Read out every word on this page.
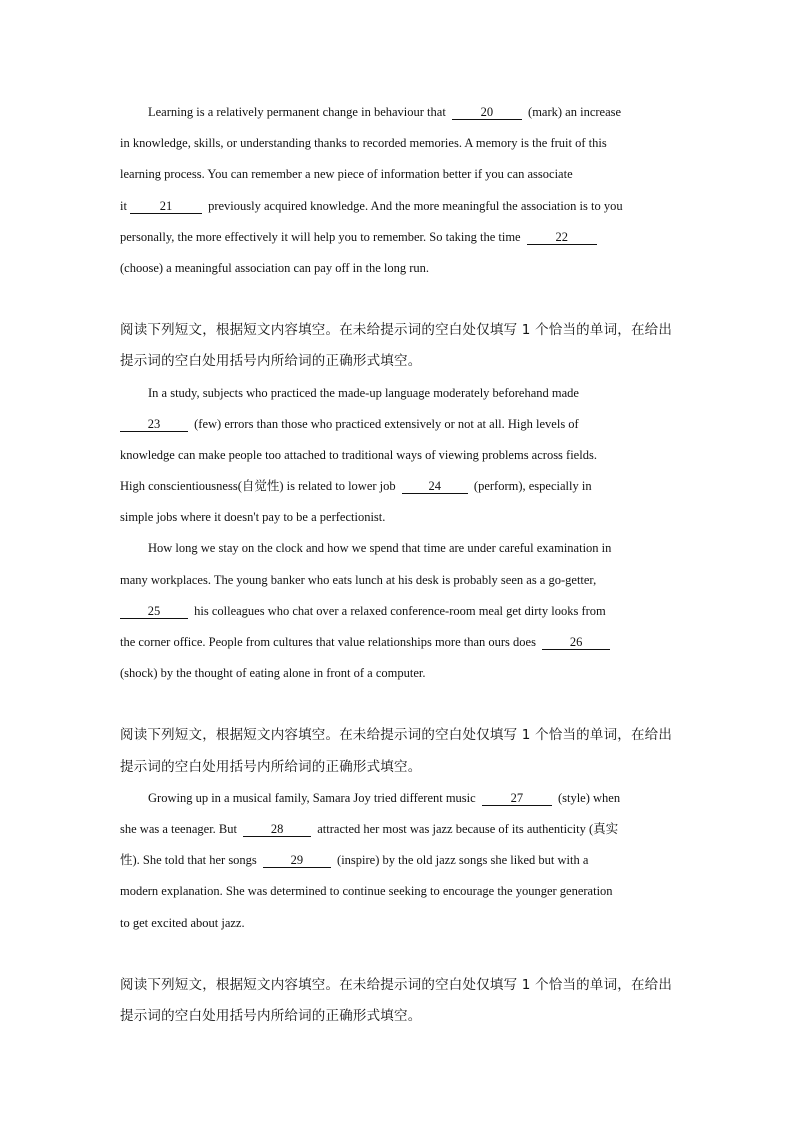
Learning is a relatively permanent change in behaviour that	20	(mark) an increase
in knowledge, skills, or understanding thanks to recorded memories. A memory is the fruit of this
learning process. You can remember a new piece of information better if you can associate
it	21	previously acquired knowledge. And the more meaningful the association is to you
personally, the more effectively it will help you to remember. So taking the time	22
(choose) a meaningful association can pay off in the long run.
阅读下列短文，根据短文内容填空。在未给提示词的空白处仅填写 1 个恰当的单词，在给出
提示词的空白处用括号内所给词的正确形式填空。
In a study, subjects who practiced the made-up language moderately beforehand made
23	(few) errors than those who practiced extensively or not at all. High levels of
knowledge can make people too attached to traditional ways of viewing problems across fields.
High conscientiousness(自觉性) is related to lower job	24	(perform), especially in
simple jobs where it doesn't pay to be a perfectionist.
How long we stay on the clock and how we spend that time are under careful examination in
many workplaces. The young banker who eats lunch at his desk is probably seen as a go-getter,
25	his colleagues who chat over a relaxed conference-room meal get dirty looks from
the corner office. People from cultures that value relationships more than ours does	26
(shock) by the thought of eating alone in front of a computer.
阅读下列短文，根据短文内容填空。在未给提示词的空白处仅填写 1 个恰当的单词，在给出
提示词的空白处用括号内所给词的正确形式填空。
Growing up in a musical family, Samara Joy tried different music	27	(style) when
she was a teenager. But	28	attracted her most was jazz because of its authenticity (真实
性). She told that her songs	29	(inspire) by the old jazz songs she liked but with a
modern explanation. She was determined to continue seeking to encourage the younger generation
to get excited about jazz.
阅读下列短文，根据短文内容填空。在未给提示词的空白处仅填写 1 个恰当的单词，在给出
提示词的空白处用括号内所给词的正确形式填空。
